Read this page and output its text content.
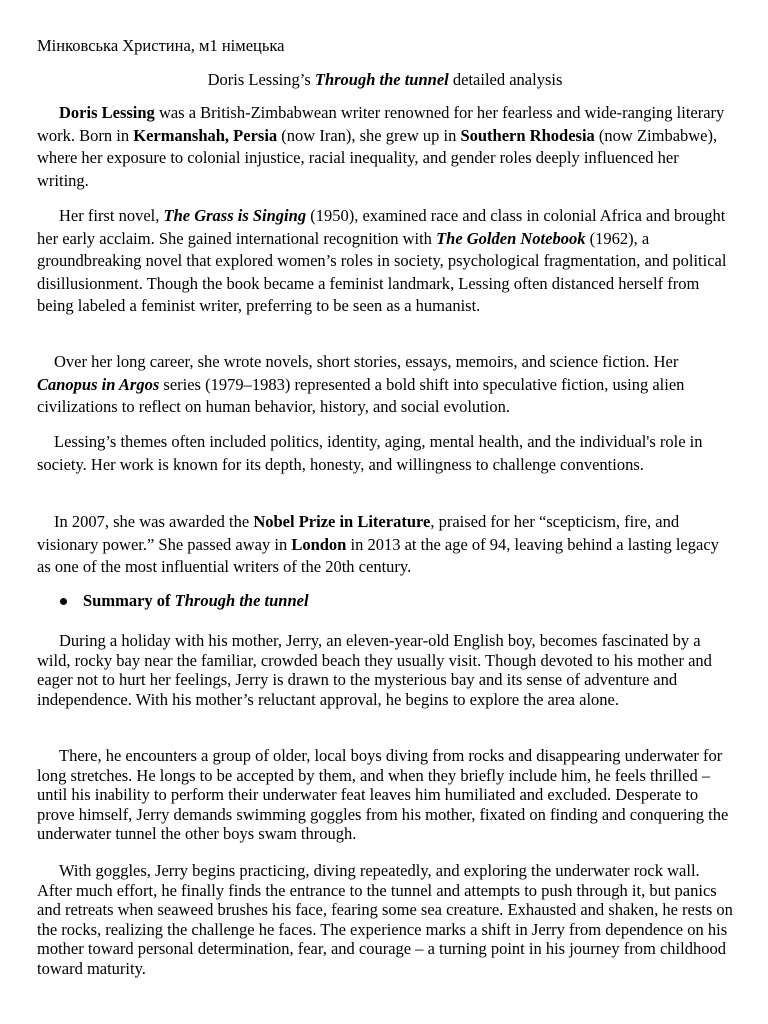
Мінковська Христина, м1 німецька
Doris Lessing’s Through the tunnel detailed analysis

Doris Lessing was a British-Zimbabwean writer renowned for her fearless and wide-ranging literary work. Born in Kermanshah, Persia (now Iran), she grew up in Southern Rhodesia (now Zimbabwe), where her exposure to colonial injustice, racial inequality, and gender roles deeply influenced her writing.

Her first novel, The Grass is Singing (1950), examined race and class in colonial Africa and brought her early acclaim. She gained international recognition with The Golden Notebook (1962), a groundbreaking novel that explored women’s roles in society, psychological fragmentation, and political disillusionment. Though the book became a feminist landmark, Lessing often distanced herself from being labeled a feminist writer, preferring to be seen as a humanist.

Over her long career, she wrote novels, short stories, essays, memoirs, and science fiction. Her Canopus in Argos series (1979–1983) represented a bold shift into speculative fiction, using alien civilizations to reflect on human behavior, history, and social evolution.

Lessing’s themes often included politics, identity, aging, mental health, and the individual's role in society. Her work is known for its depth, honesty, and willingness to challenge conventions.

In 2007, she was awarded the Nobel Prize in Literature, praised for her “scepticism, fire, and visionary power.” She passed away in London in 2013 at the age of 94, leaving behind a lasting legacy as one of the most influential writers of the 20th century.

Summary of Through the tunnel

During a holiday with his mother, Jerry, an eleven-year-old English boy, becomes fascinated by a wild, rocky bay near the familiar, crowded beach they usually visit. Though devoted to his mother and eager not to hurt her feelings, Jerry is drawn to the mysterious bay and its sense of adventure and independence. With his mother’s reluctant approval, he begins to explore the area alone.

There, he encounters a group of older, local boys diving from rocks and disappearing underwater for long stretches. He longs to be accepted by them, and when they briefly include him, he feels thrilled – until his inability to perform their underwater feat leaves him humiliated and excluded. Desperate to prove himself, Jerry demands swimming goggles from his mother, fixated on finding and conquering the underwater tunnel the other boys swam through.

With goggles, Jerry begins practicing, diving repeatedly, and exploring the underwater rock wall. After much effort, he finally finds the entrance to the tunnel and attempts to push through it, but panics and retreats when seaweed brushes his face, fearing some sea creature. Exhausted and shaken, he rests on the rocks, realizing the challenge he faces. The experience marks a shift in Jerry from dependence on his mother toward personal determination, fear, and courage – a turning point in his journey from childhood toward maturity.
